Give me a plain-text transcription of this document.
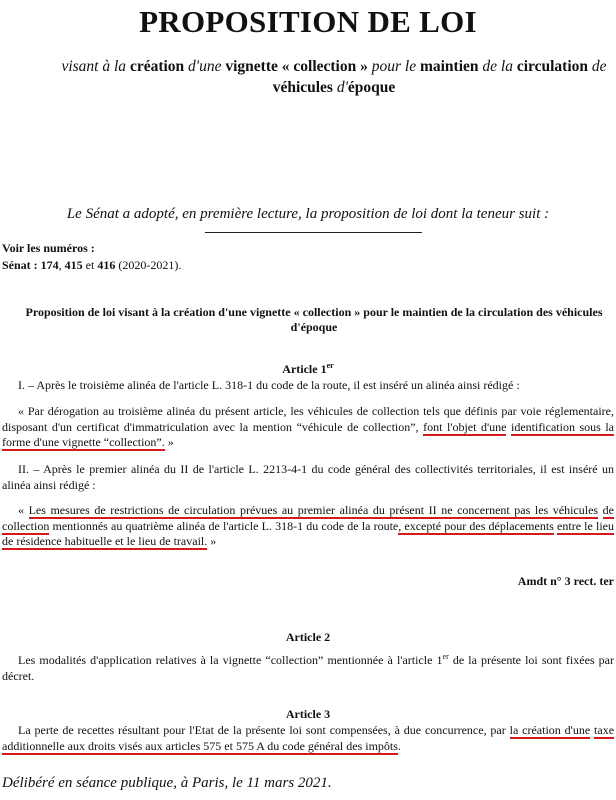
PROPOSITION DE LOI
visant à la création d'une vignette « collection » pour le maintien de la circulation de
véhicules d'époque
Le Sénat a adopté, en première lecture, la proposition de loi dont la teneur suit :
Voir les numéros :
Sénat : 174, 415 et 416 (2020-2021).
Proposition de loi visant à la création d'une vignette « collection » pour le maintien de la circulation des véhicules d'époque
Article 1er
I. – Après le troisième alinéa de l'article L. 318-1 du code de la route, il est inséré un alinéa ainsi rédigé :
« Par dérogation au troisième alinéa du présent article, les véhicules de collection tels que définis par voie réglementaire, disposant d'un certificat d'immatriculation avec la mention “véhicule de collection”, font l'objet d'une identification sous la forme d'une vignette “collection”. »
II. – Après le premier alinéa du II de l'article L. 2213-4-1 du code général des collectivités territoriales, il est inséré un alinéa ainsi rédigé :
« Les mesures de restrictions de circulation prévues au premier alinéa du présent II ne concernent pas les véhicules de collection mentionnés au quatrième alinéa de l'article L. 318-1 du code de la route, excepté pour des déplacements entre le lieu de résidence habituelle et le lieu de travail. »
Amdt n° 3 rect. ter
Article 2
Les modalités d'application relatives à la vignette “collection” mentionnée à l'article 1er de la présente loi sont fixées par décret.
Article 3
La perte de recettes résultant pour l'Etat de la présente loi sont compensées, à due concurrence, par la création d'une taxe additionnelle aux droits visés aux articles 575 et 575 A du code général des impôts.
Délibéré en séance publique, à Paris, le 11 mars 2021.
